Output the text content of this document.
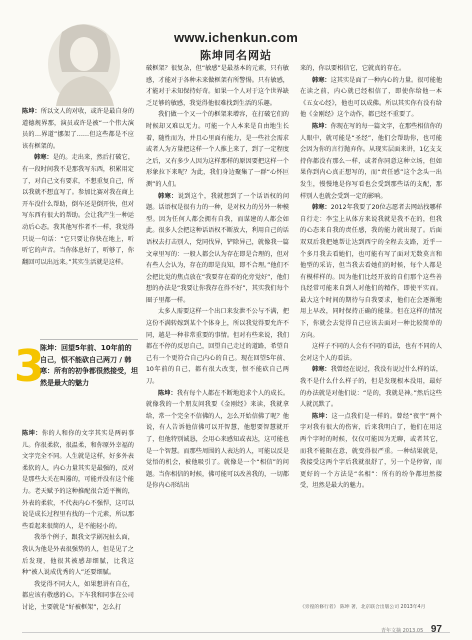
www.ichenkun.com
陈坤同名网站

陈坤：所以文人的对收，或许是最自身的道德规界那，演员或许是被“一个伟大演员的…界道”挪架了……但这些都是不应该有框架的。

韩寒：是的。走出来，然后打破它，有一段时间我不是那我写东西，积累用定了，对自己文有要求，不想重复自己，所以我就不想直写了。参加比赛对我在商上开车没什么帮助，倒车还是倒开快，但对写东西有很大的帮助。会让我产生一种运动后心态。我其他写作者不一样，我觉得只说一句话：“它只要让你快在地上，听听它的声音。当你体息好了，听够了，你翻回可以出远来。”其实生活就是这样。

3
陈坤：回望5年前、10年前的自己，恨不能砍自己两刀 / 韩寒：所有的初争都很然接受，坦然是最大的魅力

陈坤：你的人和你的文字其实是两码事儿。你很柔软，很温柔，和你原外幸福的文字完全不同。人生就是这样，好多外表柔软的人，内心力量其实是最强的，反对是那些大关在叫嚣的，可能并没有这个能力。老天赋予的这种推配很合适平衡的，外表的柔软，不代表内心不强悍，这可以说是成长过程里有找的一个元素，所以那些看起来很简的人，是不能轻小的。

我举个例子，跟我文学剧况扯么面，我认为他是外表很强势的人，但是见了之后发现，他很其被感却细腻，比我这种“被人说成优秀的人”还要细腻。

我觉得不同大人，如果想讲有自在，都应该有敬感的心。下车我和同事在公司讨论，主要就是“好被框架”，怎么打

破框架？很复杂，但“敏感”是最基本的元素，只有敏感，才能对于各种未来做框架有所警惕。只有敏感，才能对于未知保持好奇。如果一个人对于这个世界缺乏足够的敏感，我觉得他很难找到生活的乐趣。

我们做一个又一个的框架来增容，在打破它们的时候却又难以无力。可能一个人本来是自由地生长着，随性而为，并且心里面有能力，是一些社会需求或者人为方量把这样一个人推上来了，到了一定程度之后，又有多少人因为这样那样的原因要把这样一个形象拉下来呢？为此，我们身边聚集了一群“心怀叵测”的人们。

韩寒：说到这个，我就想到了一个话语权的问题。话语权是很有力的一种，是对权力的另外一种模型。因为任何人都会拥有自我，而谋建的人都会如此。很多人会把这种话语权不断放大，利用自己的话语权去打击别人，党同伐异，铲除异己，就像我一篇文章里写的：一般人都会认为存在即是合理的，但对有些人会认为，存在的即是良知，即不合理。”他们不会把比觉的焦点放在“我要存在着的化旁觉好”，他们想的办法是“我要让你我存在得不好”，其实我们每个圈子里都一样。

太多人需要这样一个出口来发泄不公与不满，把这份不满转嫁到某个个体身上，所以我觉得要允许不同，越是一种非常重要的事情。但对有些来说，我们都在不停的反思自己，回望自己走过的道路，希望自己有一个更符合自己内心的自己。现在回望5年前、10年前的自己，都有很大改变，恨不能砍自己两刀。

陈坤：我有每个人都在不断地追求个人的成长。就像我的一个朋友问我要《金刚经》来读，我就拿给，常一个完全不信佛的人，怎么开始信佛了呢？他说，有人告诉他信佛可以开智慧，他想要智慧就开了，但他特别诚恳，会用心来感知或表达，这可能也是一个智慧。而那些周围的人表达的人，可能以反是觉悟的机会，被他吸引了。就像是一个“相信”的问题。当你相信的时候，佛可能可以改善我的，一切都是你内心形结出

来的，你以要相信它，它就真的存在。

韩寒：这其实是面了一种内心的力量。很可能他在读之前，内心就已经相信了，即使你给他一本《五女心经》，他也可以成佛。所以其实你有没有给他《金刚经》这个动作，都已经不重要了。

陈坤：你现在写的每一篇文字，在那些相信你的人眼中，就可能是“圣经”，他们会帮助你，也可能会因为你的言行抛弃你。从现实层面来讲，1亿支支持你都没有那么一样，或者你同意这种立场，但如果你到内心真正想写的，而“责任感”这个念头一出发生，慢慢地是你写看也会受到那些话的支配，那样别人也就会受到一定的影响。

韩寒：2012年我要了20位志愿者去网站找哪样自行走：李宝上从体方来说我就是我不在的，但我的心态来自我的责任感，我的能力就出现了。后面双双后我把她帮让达到西宁的全程去支路，近乎一个多月我去看她们，也可能有写了面对无数莫言和他型的采访，但当我去看她们的时候，每个人都是有模样样的。因为他们比经开放的自们那个这些善良经常可能来自到人对他们的精作，即使平实而。最大这个时间的期待与自我要求，他们在会逐渐地用上早改，同时保持正确的能量。但在这样的情况下，你就会去觉得自己应该去面对一种比较简单的方向。

这样子不同的人会有不同的看法，也有不同的人会对这个人的看法。

韩寒：我曾经在说过，我没有说过什么样的话，我不是什么什么样子的，但是发现根本没用，最好的办法就是对他们说：“是的，我就是神。”然后这些人就沉默了。

陈坤：这一点我们是一样的。曾经“夜宇”两个字对我有很大的伤害，后来我明白了，他们在用这两个字时的时候，仅仅可能因为无聊，或者其它，而我不能限在意，就变得很严重。一种结果就是，我接受这两个字后我就很舒了，另一个是停留，而更好的一个方法是“名相”：所有的纷争都坦然接受，坦然是最大的魅力。

《旁徨的修行者》 陈坤 著，北京联合出版公司 2013年4月
青年文摘 2013.05 97
